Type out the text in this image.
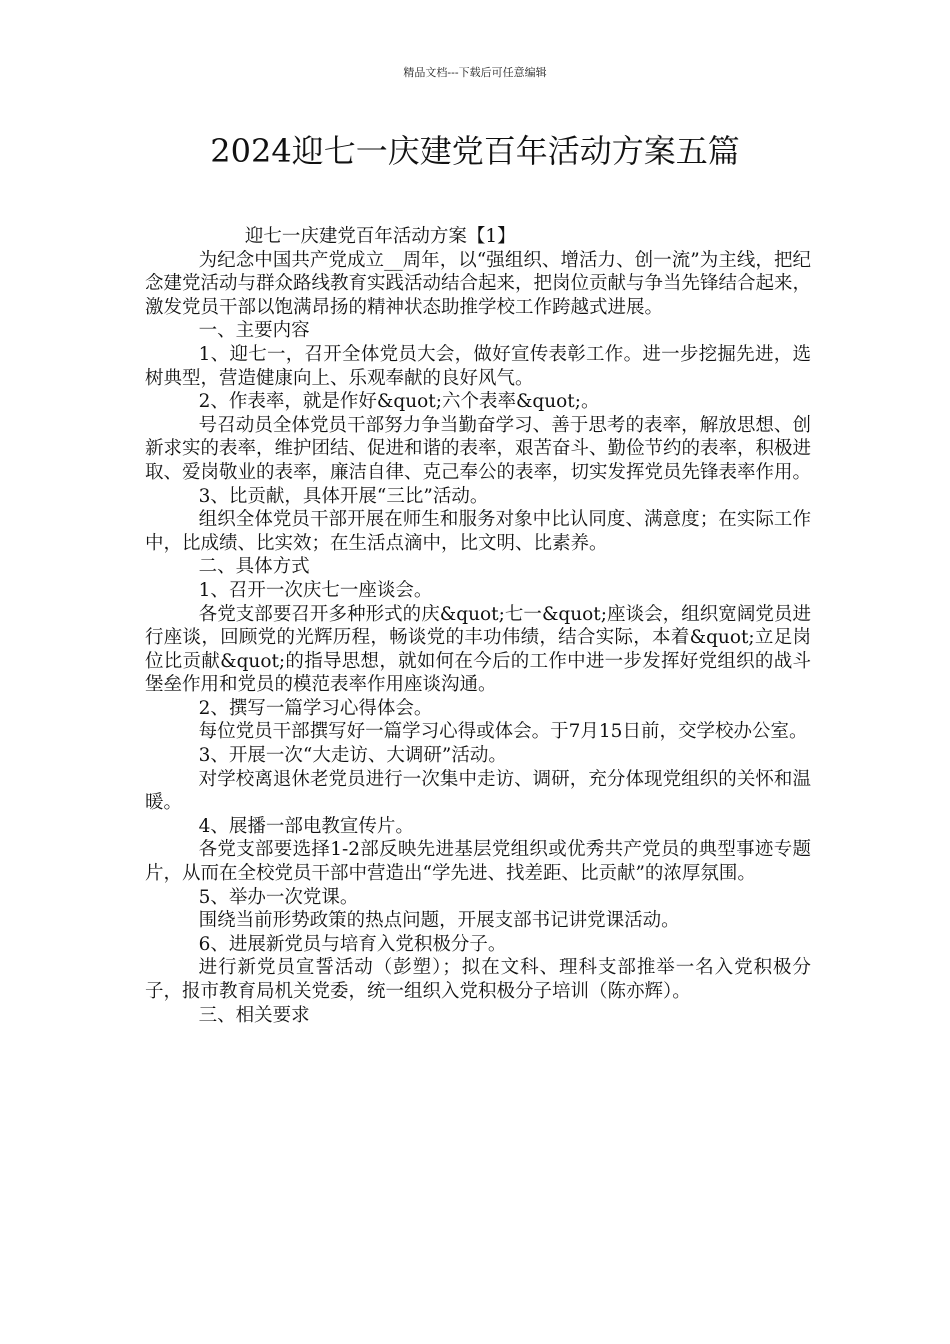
精品文档---下载后可任意编辑
2024迎七一庆建党百年活动方案五篇

迎七一庆建党百年活动方案【1】

为纪念中国共产党成立__周年，以“强组织、增活力、创一流”为主线，把纪念建党活动与群众路线教育实践活动结合起来，把岗位贡献与争当先锋结合起来，激发党员干部以饱满昂扬的精神状态助推学校工作跨越式进展。

一、主要内容

1、迎七一，召开全体党员大会，做好宣传表彰工作。进一步挖掘先进，选树典型，营造健康向上、乐观奉献的良好风气。

2、作表率，就是作好&quot;六个表率&quot;。

号召动员全体党员干部努力争当勤奋学习、善于思考的表率，解放思想、创新求实的表率，维护团结、促进和谐的表率，艰苦奋斗、勤俭节约的表率，积极进取、爱岗敬业的表率，廉洁自律、克己奉公的表率，切实发挥党员先锋表率作用。

3、比贡献，具体开展“三比”活动。

组织全体党员干部开展在师生和服务对象中比认同度、满意度；在实际工作中，比成绩、比实效；在生活点滴中，比文明、比素养。

二、具体方式

1、召开一次庆七一座谈会。

各党支部要召开多种形式的庆&quot;七一&quot;座谈会，组织宽阔党员进行座谈，回顾党的光辉历程，畅谈党的丰功伟绩，结合实际，本着&quot;立足岗位比贡献&quot;的指导思想，就如何在今后的工作中进一步发挥好党组织的战斗堡垒作用和党员的模范表率作用座谈沟通。

2、撰写一篇学习心得体会。

每位党员干部撰写好一篇学习心得或体会。于7月15日前，交学校办公室。

3、开展一次“大走访、大调研”活动。

对学校离退休老党员进行一次集中走访、调研，充分体现党组织的关怀和温暖。

4、展播一部电教宣传片。

各党支部要选择1-2部反映先进基层党组织或优秀共产党员的典型事迹专题片，从而在全校党员干部中营造出“学先进、找差距、比贡献”的浓厚氛围。

5、举办一次党课。

围绕当前形势政策的热点问题，开展支部书记讲党课活动。

6、进展新党员与培育入党积极分子。

进行新党员宣誓活动（彭塑）；拟在文科、理科支部推举一名入党积极分子，报市教育局机关党委，统一组织入党积极分子培训（陈亦辉）。

三、相关要求
